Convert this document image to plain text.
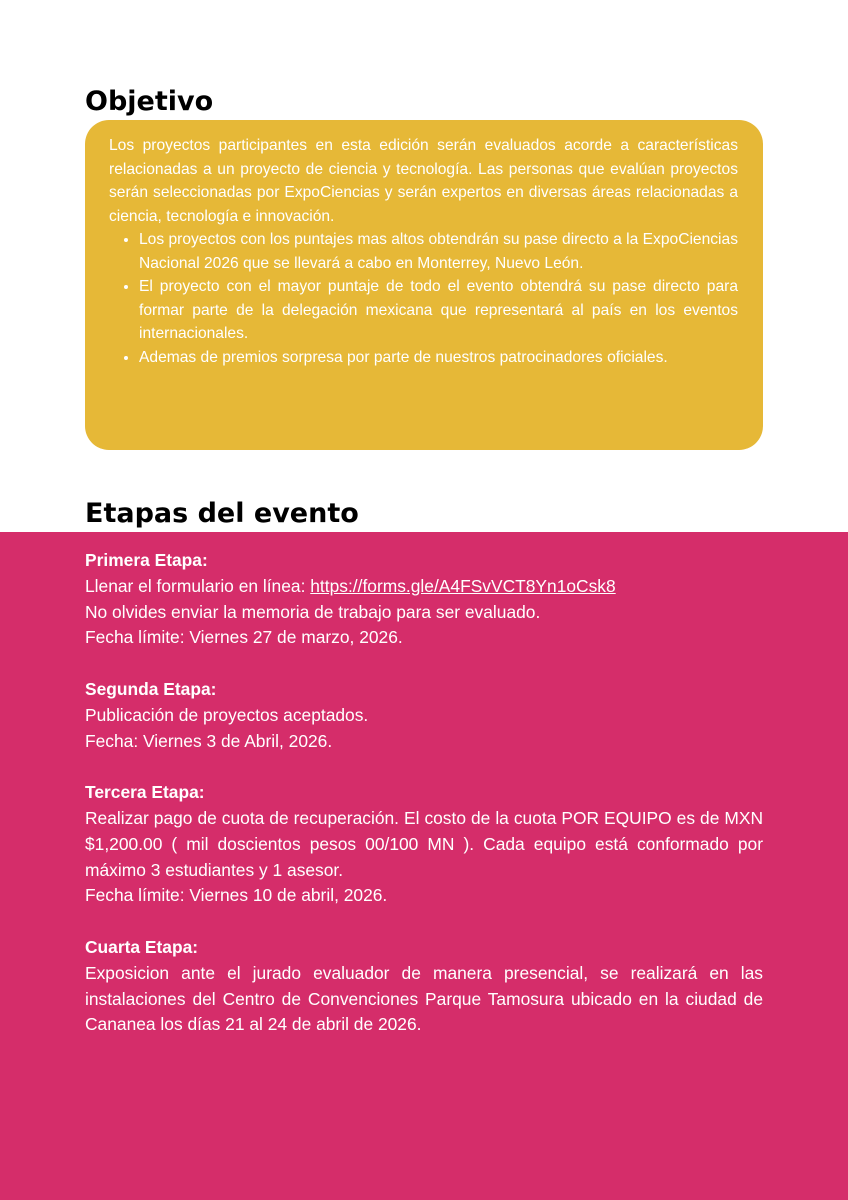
Objetivo

Los proyectos participantes en esta edición serán evaluados acorde a características relacionadas a un proyecto de ciencia y tecnología. Las personas que evalúan proyectos serán seleccionadas por ExpoCiencias y serán expertos en diversas áreas relacionadas a ciencia, tecnología e innovación.

• Los proyectos con los puntajes mas altos obtendrán su pase directo a la ExpoCiencias Nacional 2026 que se llevará a cabo en Monterrey, Nuevo León.
• El proyecto con el mayor puntaje de todo el evento obtendrá su pase directo para formar parte de la delegación mexicana que representará al país en los eventos internacionales.
• Ademas de premios sorpresa por parte de nuestros patrocinadores oficiales.
Etapas del evento
Primera Etapa:
Llenar el formulario en línea: https://forms.gle/A4FSvVCT8Yn1oCsk8
No olvides enviar la memoria de trabajo para ser evaluado.
Fecha límite: Viernes 27 de marzo, 2026.
Segunda Etapa:
Publicación de proyectos aceptados.
Fecha: Viernes 3 de Abril, 2026.
Tercera Etapa:
Realizar pago de cuota de recuperación. El costo de la cuota POR EQUIPO es de MXN $1,200.00 ( mil doscientos pesos 00/100 MN ). Cada equipo está conformado por máximo 3 estudiantes y 1 asesor.
Fecha límite: Viernes 10 de abril, 2026.
Cuarta Etapa:
Exposicion ante el jurado evaluador de manera presencial, se realizará en las instalaciones del Centro de Convenciones Parque Tamosura ubicado en la ciudad de Cananea los días 21 al 24 de abril de 2026.
